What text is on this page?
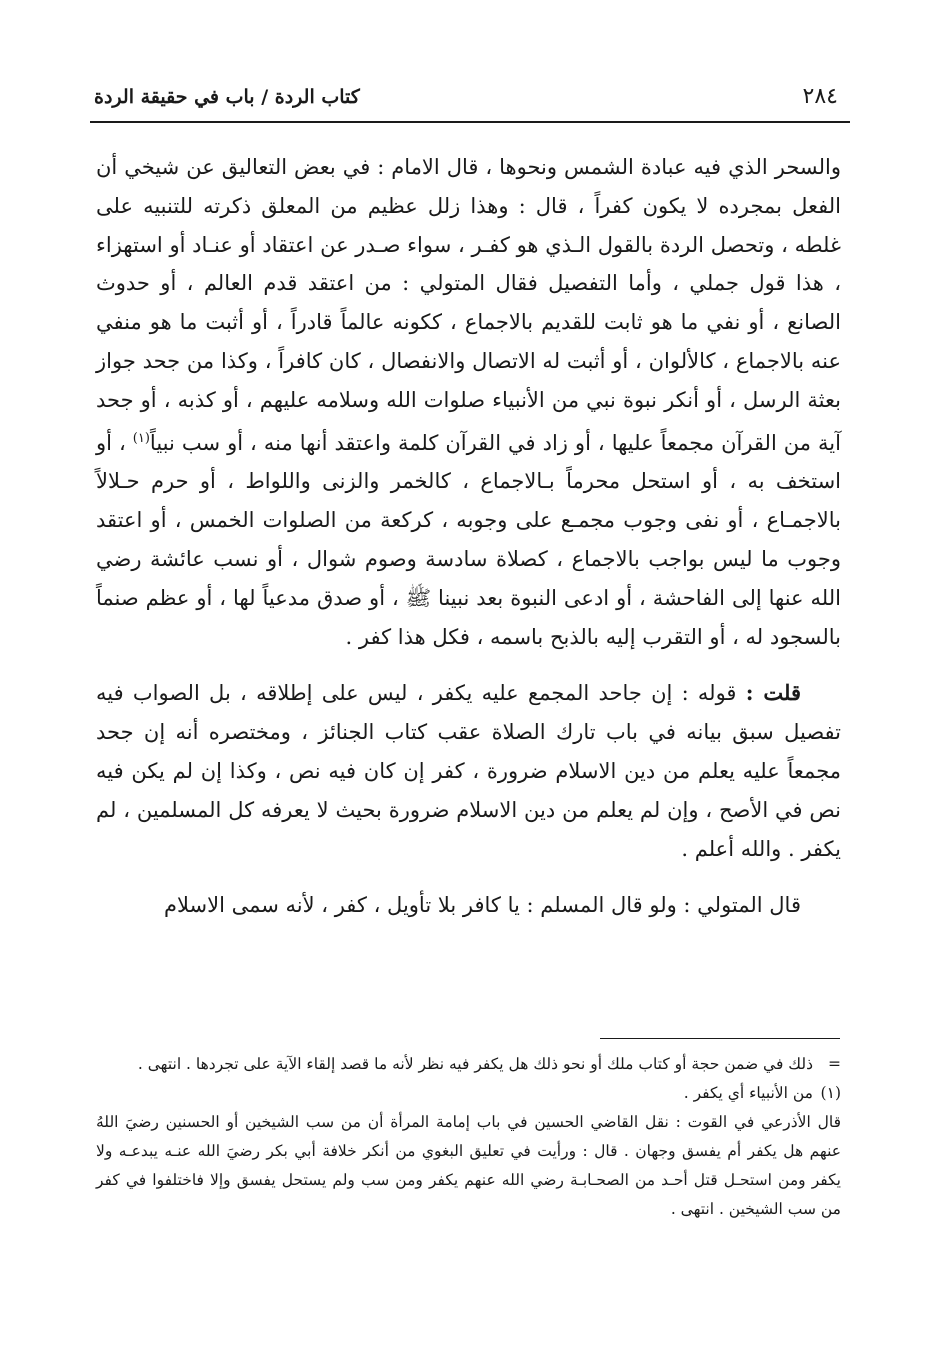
٢٨٤
كتاب الردة / باب في حقيقة الردة

والسحر الذي فيه عبادة الشمس ونحوها ، قال الامام : في بعض التعاليق عن شيخي أن الفعل بمجرده لا يكون كفراً ، قال : وهذا زلل عظيم من المعلق ذكرته للتنبيه على غلطه ، وتحصل الردة بالقول الـذي هو كفـر ، سواء صـدر عن اعتقاد أو عنـاد أو استهزاء ، هذا قول جملي ، وأما التفصيل فقال المتولي : من اعتقد قدم العالم ، أو حدوث الصانع ، أو نفي ما هو ثابت للقديم بالاجماع ، ككونه عالماً قادراً ، أو أثبت ما هو منفي عنه بالاجماع ، كالألوان ، أو أثبت له الاتصال والانفصال ، كان كافراً ، وكذا من جحد جواز بعثة الرسل ، أو أنكر نبوة نبي من الأنبياء صلوات الله وسلامه عليهم ، أو كذبه ، أو جحد آية من القرآن مجمعاً عليها ، أو زاد في القرآن كلمة واعتقد أنها منه ، أو سب نبياً$^{(١)}$ ، أو استخف به ، أو استحل محرماً بـالاجماع ، كالخمر والزنى واللواط ، أو حرم حـلالاً بالاجمـاع ، أو نفى وجوب مجمـع على وجوبه ، كركعة من الصلوات الخمس ، أو اعتقد وجوب ما ليس بواجب بالاجماع ، كصلاة سادسة وصوم شوال ، أو نسب عائشة رضي الله عنها إلى الفاحشة ، أو ادعى النبوة بعد نبينا ﷺ ، أو صدق مدعياً لها ، أو عظم صنماً بالسجود له ، أو التقرب إليه بالذبح باسمه ، فكل هذا كفر .

قلت : قوله : إن جاحد المجمع عليه يكفر ، ليس على إطلاقه ، بل الصواب فيه تفصيل سبق بيانه في باب تارك الصلاة عقب كتاب الجنائز ، ومختصره أنه إن جحد مجمعاً عليه يعلم من دين الاسلام ضرورة ، كفر إن كان فيه نص ، وكذا إن لم يكن فيه نص في الأصح ، وإن لم يعلم من دين الاسلام ضرورة بحيث لا يعرفه كل المسلمين ، لم يكفر . والله أعلم .

قال المتولي : ولو قال المسلم : يا كافر بلا تأويل ، كفر ، لأنه سمى الاسلام

=ذلك في ضمن حجة أو كتاب ملك أو نحو ذلك هل يكفر فيه نظر لأنه ما قصد إلقاء الآية على تجردها . انتهى .

(١)من الأنبياء أي يكفر .

قال الأذرعي في القوت : نقل القاضي الحسين في باب إمامة المرأة أن من سب الشيخين أو الحسنين رضيَ اللهُ عنهم هل يكفر أم يفسق وجهان . قال : ورأيت في تعليق البغوي من أنكر خلافة أبي بكر رضيَ الله عنـه يبدعـه ولا يكفر ومن استحـل قتل أحـد من الصحـابـة رضي الله عنهم يكفر ومن سب ولم يستحل يفسق وإلا فاختلفوا في كفر من سب الشيخين . انتهى .
